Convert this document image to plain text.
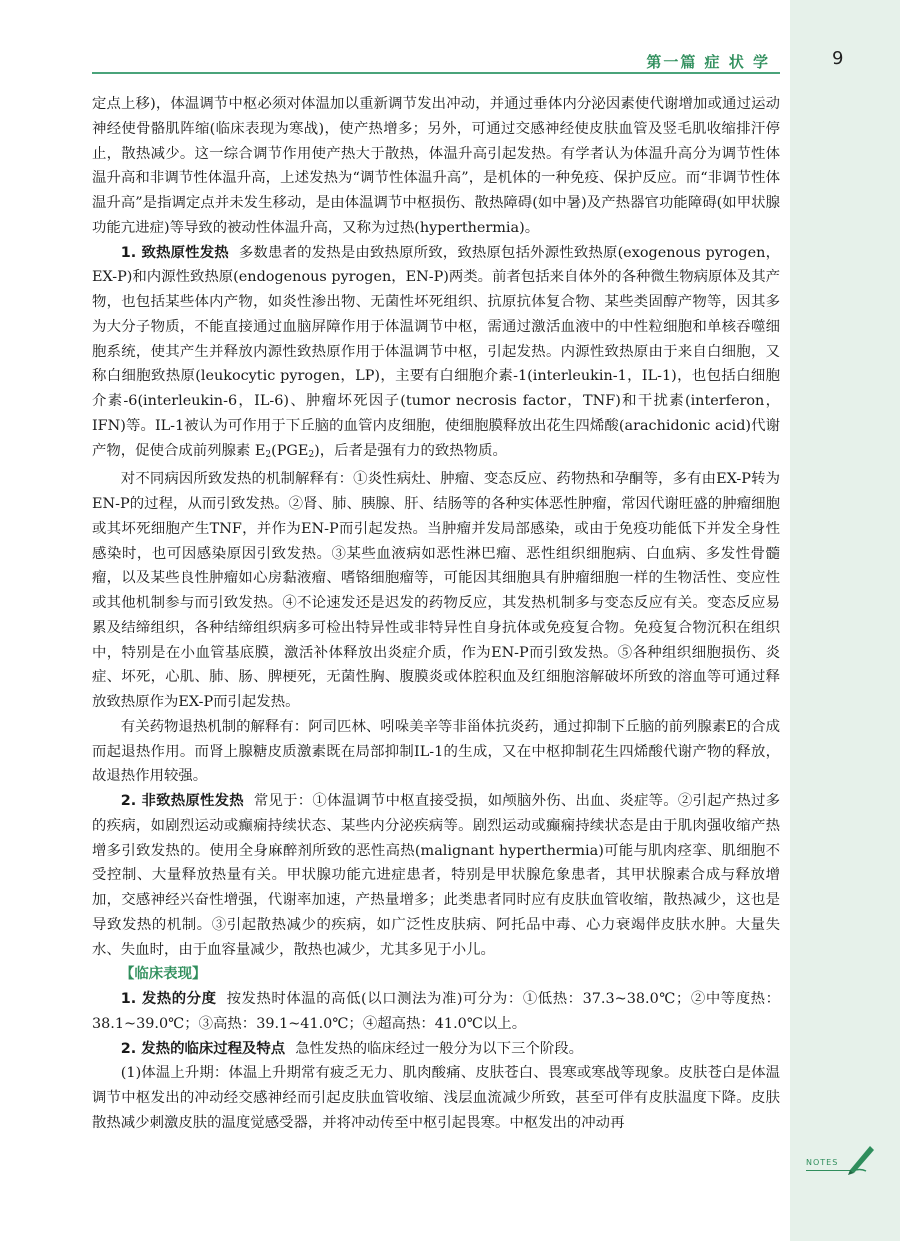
第一篇 症 状 学	9

定点上移)，体温调节中枢必须对体温加以重新调节发出冲动，并通过垂体内分泌因素使代谢增加或通过运动神经使骨骼肌阵缩(临床表现为寒战)，使产热增多；另外，可通过交感神经使皮肤血管及竖毛肌收缩排汗停止，散热减少。这一综合调节作用使产热大于散热，体温升高引起发热。有学者认为体温升高分为调节性体温升高和非调节性体温升高，上述发热为“调节性体温升高”，是机体的一种免疫、保护反应。而“非调节性体温升高”是指调定点并未发生移动，是由体温调节中枢损伤、散热障碍(如中暑)及产热器官功能障碍(如甲状腺功能亢进症)等导致的被动性体温升高，又称为过热(hyperthermia)。

1. 致热原性发热 多数患者的发热是由致热原所致，致热原包括外源性致热原(exogenous pyrogen，EX-P)和内源性致热原(endogenous pyrogen，EN-P)两类。前者包括来自体外的各种微生物病原体及其产物，也包括某些体内产物，如炎性渗出物、无菌性坏死组织、抗原抗体复合物、某些类固醇产物等，因其多为大分子物质，不能直接通过血脑屏障作用于体温调节中枢，需通过激活血液中的中性粒细胞和单核吞噬细胞系统，使其产生并释放内源性致热原作用于体温调节中枢，引起发热。内源性致热原由于来自白细胞，又称白细胞致热原(leukocytic pyrogen，LP)，主要有白细胞介素-1(interleukin-1，IL-1)，也包括白细胞介素-6(interleukin-6，IL-6)、肿瘤坏死因子(tumor necrosis factor，TNF)和干扰素(interferon，IFN)等。IL-1被认为可作用于下丘脑的血管内皮细胞，使细胞膜释放出花生四烯酸(arachidonic acid)代谢产物，促使合成前列腺素 $E_2(PGE_2)$，后者是强有力的致热物质。

对不同病因所致发热的机制解释有：①炎性病灶、肿瘤、变态反应、药物热和孕酮等，多有由EX-P转为EN-P的过程，从而引致发热。②肾、肺、胰腺、肝、结肠等的各种实体恶性肿瘤，常因代谢旺盛的肿瘤细胞或其坏死细胞产生TNF，并作为EN-P而引起发热。当肿瘤并发局部感染，或由于免疫功能低下并发全身性感染时，也可因感染原因引致发热。③某些血液病如恶性淋巴瘤、恶性组织细胞病、白血病、多发性骨髓瘤，以及某些良性肿瘤如心房黏液瘤、嗜铬细胞瘤等，可能因其细胞具有肿瘤细胞一样的生物活性、变应性或其他机制参与而引致发热。④不论速发还是迟发的药物反应，其发热机制多与变态反应有关。变态反应易累及结缔组织，各种结缔组织病多可检出特异性或非特异性自身抗体或免疫复合物。免疫复合物沉积在组织中，特别是在小血管基底膜，激活补体释放出炎症介质，作为EN-P而引致发热。⑤各种组织细胞损伤、炎症、坏死，心肌、肺、肠、脾梗死，无菌性胸、腹膜炎或体腔积血及红细胞溶解破坏所致的溶血等可通过释放致热原作为EX-P而引起发热。

有关药物退热机制的解释有：阿司匹林、吲哚美辛等非甾体抗炎药，通过抑制下丘脑的前列腺素E的合成而起退热作用。而肾上腺糖皮质激素既在局部抑制IL-1的生成，又在中枢抑制花生四烯酸代谢产物的释放，故退热作用较强。

2. 非致热原性发热 常见于：①体温调节中枢直接受损，如颅脑外伤、出血、炎症等。②引起产热过多的疾病，如剧烈运动或癫痫持续状态、某些内分泌疾病等。剧烈运动或癫痫持续状态是由于肌肉强收缩产热增多引致发热的。使用全身麻醉剂所致的恶性高热(malignant hyperthermia)可能与肌肉痉挛、肌细胞不受控制、大量释放热量有关。甲状腺功能亢进症患者，特别是甲状腺危象患者，其甲状腺素合成与释放增加，交感神经兴奋性增强，代谢率加速，产热量增多；此类患者同时应有皮肤血管收缩，散热减少，这也是导致发热的机制。③引起散热减少的疾病，如广泛性皮肤病、阿托品中毒、心力衰竭伴皮肤水肿。大量失水、失血时，由于血容量减少，散热也减少，尤其多见于小儿。

【临床表现】

1. 发热的分度 按发热时体温的高低(以口测法为准)可分为：①低热：37.3~38.0℃；②中等度热：38.1~39.0℃；③高热：39.1~41.0℃；④超高热：41.0℃以上。

2. 发热的临床过程及特点 急性发热的临床经过一般分为以下三个阶段。

(1)体温上升期：体温上升期常有疲乏无力、肌肉酸痛、皮肤苍白、畏寒或寒战等现象。皮肤苍白是体温调节中枢发出的冲动经交感神经而引起皮肤血管收缩、浅层血流减少所致，甚至可伴有皮肤温度下降。皮肤散热减少刺激皮肤的温度觉感受器，并将冲动传至中枢引起畏寒。中枢发出的冲动再

NOTES
